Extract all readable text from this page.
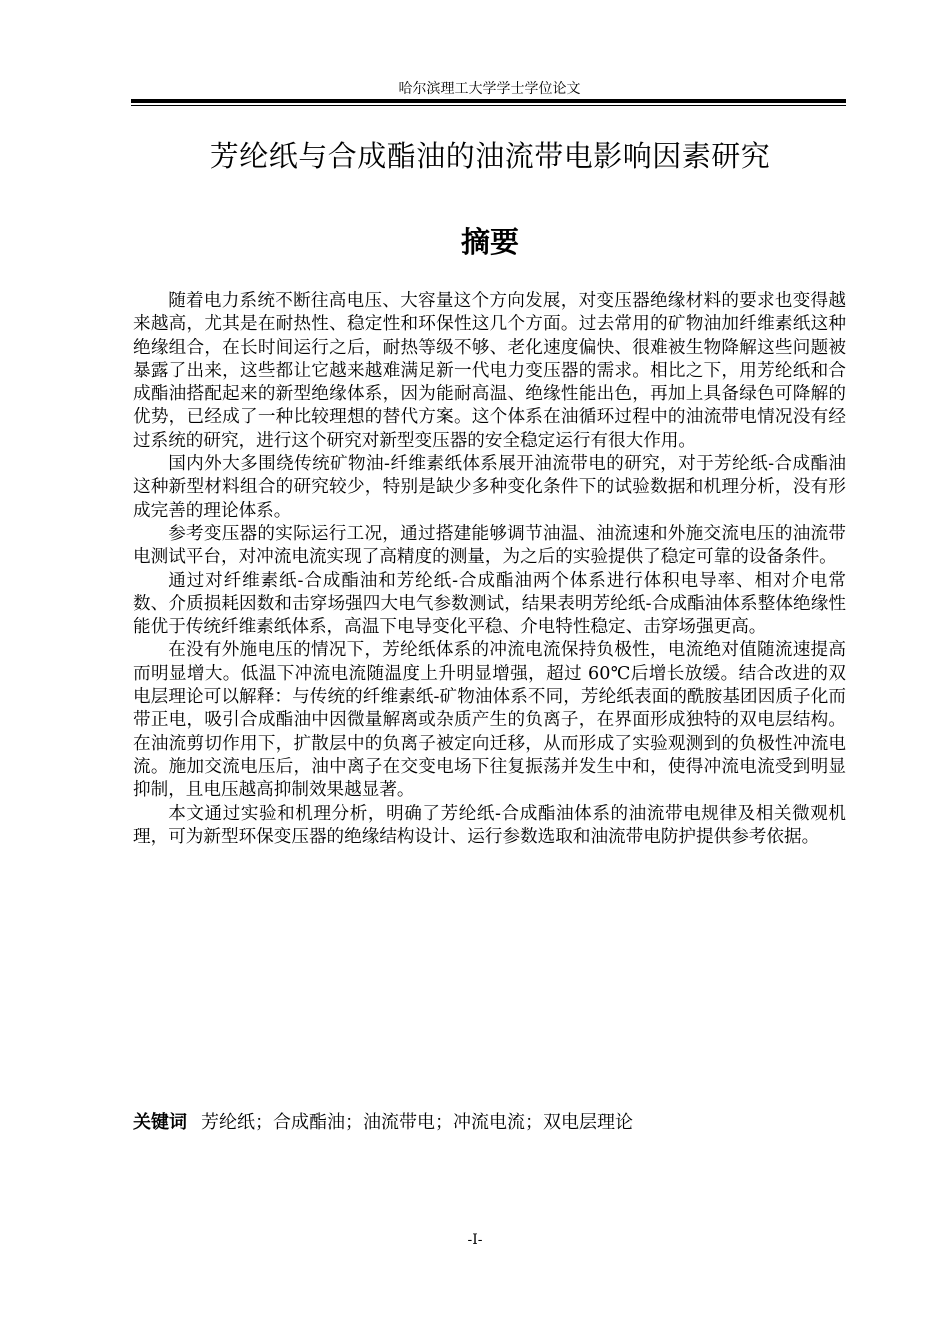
哈尔滨理工大学学士学位论文
芳纶纸与合成酯油的油流带电影响因素研究
摘要

随着电力系统不断往高电压、大容量这个方向发展，对变压器绝缘材料的要求也变得越来越高，尤其是在耐热性、稳定性和环保性这几个方面。过去常用的矿物油加纤维素纸这种绝缘组合，在长时间运行之后，耐热等级不够、老化速度偏快、很难被生物降解这些问题被暴露了出来，这些都让它越来越难满足新一代电力变压器的需求。相比之下，用芳纶纸和合成酯油搭配起来的新型绝缘体系，因为能耐高温、绝缘性能出色，再加上具备绿色可降解的优势，已经成了一种比较理想的替代方案。这个体系在油循环过程中的油流带电情况没有经过系统的研究，进行这个研究对新型变压器的安全稳定运行有很大作用。

国内外大多围绕传统矿物油-纤维素纸体系展开油流带电的研究，对于芳纶纸-合成酯油这种新型材料组合的研究较少，特别是缺少多种变化条件下的试验数据和机理分析，没有形成完善的理论体系。

参考变压器的实际运行工况，通过搭建能够调节油温、油流速和外施交流电压的油流带电测试平台，对冲流电流实现了高精度的测量，为之后的实验提供了稳定可靠的设备条件。

通过对纤维素纸-合成酯油和芳纶纸-合成酯油两个体系进行体积电导率、相对介电常数、介质损耗因数和击穿场强四大电气参数测试，结果表明芳纶纸-合成酯油体系整体绝缘性能优于传统纤维素纸体系，高温下电导变化平稳、介电特性稳定、击穿场强更高。

在没有外施电压的情况下，芳纶纸体系的冲流电流保持负极性，电流绝对值随流速提高而明显增大。低温下冲流电流随温度上升明显增强，超过 60℃后增长放缓。结合改进的双电层理论可以解释：与传统的纤维素纸-矿物油体系不同，芳纶纸表面的酰胺基团因质子化而带正电，吸引合成酯油中因微量解离或杂质产生的负离子，在界面形成独特的双电层结构。在油流剪切作用下，扩散层中的负离子被定向迁移，从而形成了实验观测到的负极性冲流电流。施加交流电压后，油中离子在交变电场下往复振荡并发生中和，使得冲流电流受到明显抑制，且电压越高抑制效果越显著。

本文通过实验和机理分析，明确了芳纶纸-合成酯油体系的油流带电规律及相关微观机理，可为新型环保变压器的绝缘结构设计、运行参数选取和油流带电防护提供参考依据。

关键词 芳纶纸；合成酯油；油流带电；冲流电流；双电层理论
-I-
